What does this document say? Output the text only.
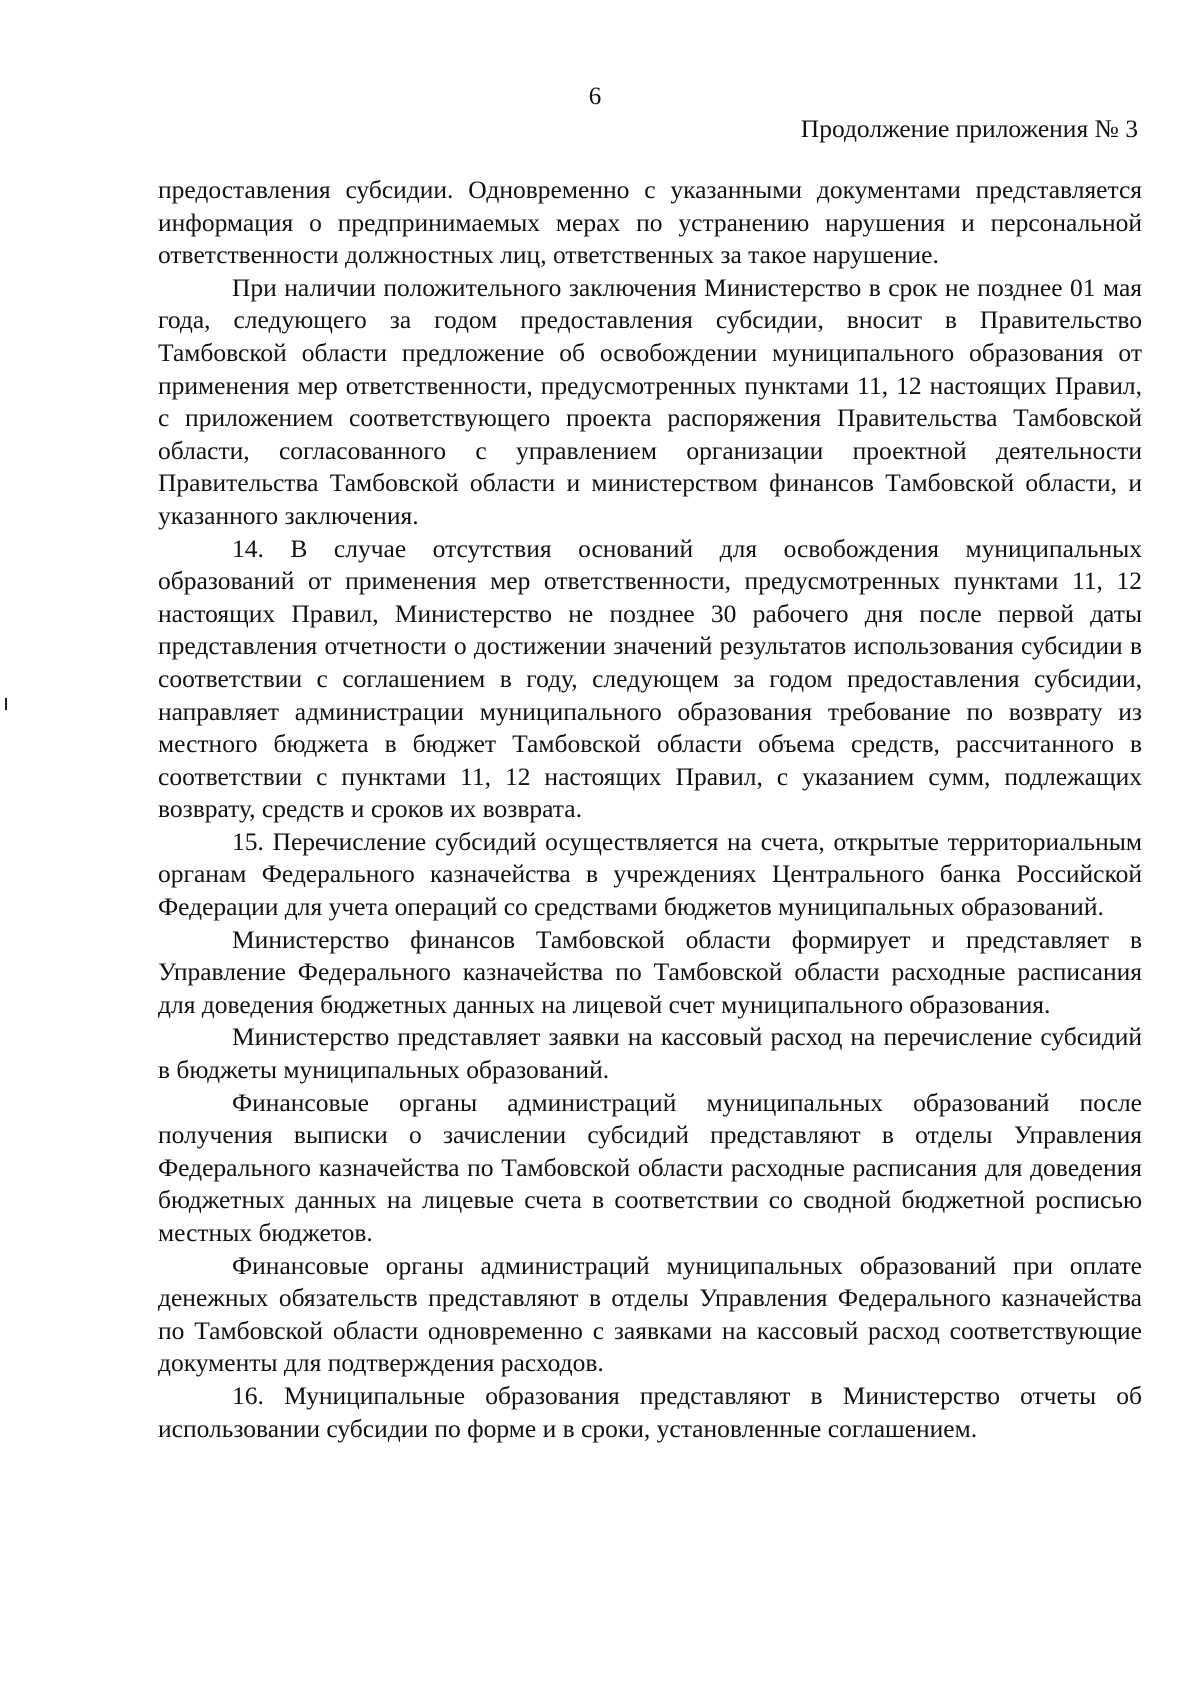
6
Продолжение приложения № 3

предоставления субсидии. Одновременно с указанными документами представляется информация о предпринимаемых мерах по устранению нарушения и персональной ответственности должностных лиц, ответственных за такое нарушение.

При наличии положительного заключения Министерство в срок не позднее 01 мая года, следующего за годом предоставления субсидии, вносит в Правительство Тамбовской области предложение об освобождении муниципального образования от применения мер ответственности, предусмотренных пунктами 11, 12 настоящих Правил, с приложением соответствующего проекта распоряжения Правительства Тамбовской области, согласованного с управлением организации проектной деятельности Правительства Тамбовской области и министерством финансов Тамбовской области, и указанного заключения.

14. В случае отсутствия оснований для освобождения муниципальных образований от применения мер ответственности, предусмотренных пунктами 11, 12 настоящих Правил, Министерство не позднее 30 рабочего дня после первой даты представления отчетности о достижении значений результатов использования субсидии в соответствии с соглашением в году, следующем за годом предоставления субсидии, направляет администрации муниципального образования требование по возврату из местного бюджета в бюджет Тамбовской области объема средств, рассчитанного в соответствии с пунктами 11, 12 настоящих Правил, с указанием сумм, подлежащих возврату, средств и сроков их возврата.

15. Перечисление субсидий осуществляется на счета, открытые территориальным органам Федерального казначейства в учреждениях Центрального банка Российской Федерации для учета операций со средствами бюджетов муниципальных образований.

Министерство финансов Тамбовской области формирует и представляет в Управление Федерального казначейства по Тамбовской области расходные расписания для доведения бюджетных данных на лицевой счет муниципального образования.

Министерство представляет заявки на кассовый расход на перечисление субсидий в бюджеты муниципальных образований.

Финансовые органы администраций муниципальных образований после получения выписки о зачислении субсидий представляют в отделы Управления Федерального казначейства по Тамбовской области расходные расписания для доведения бюджетных данных на лицевые счета в соответствии со сводной бюджетной росписью местных бюджетов.

Финансовые органы администраций муниципальных образований при оплате денежных обязательств представляют в отделы Управления Федерального казначейства по Тамбовской области одновременно с заявками на кассовый расход соответствующие документы для подтверждения расходов.

16. Муниципальные образования представляют в Министерство отчеты об использовании субсидии по форме и в сроки, установленные соглашением.
